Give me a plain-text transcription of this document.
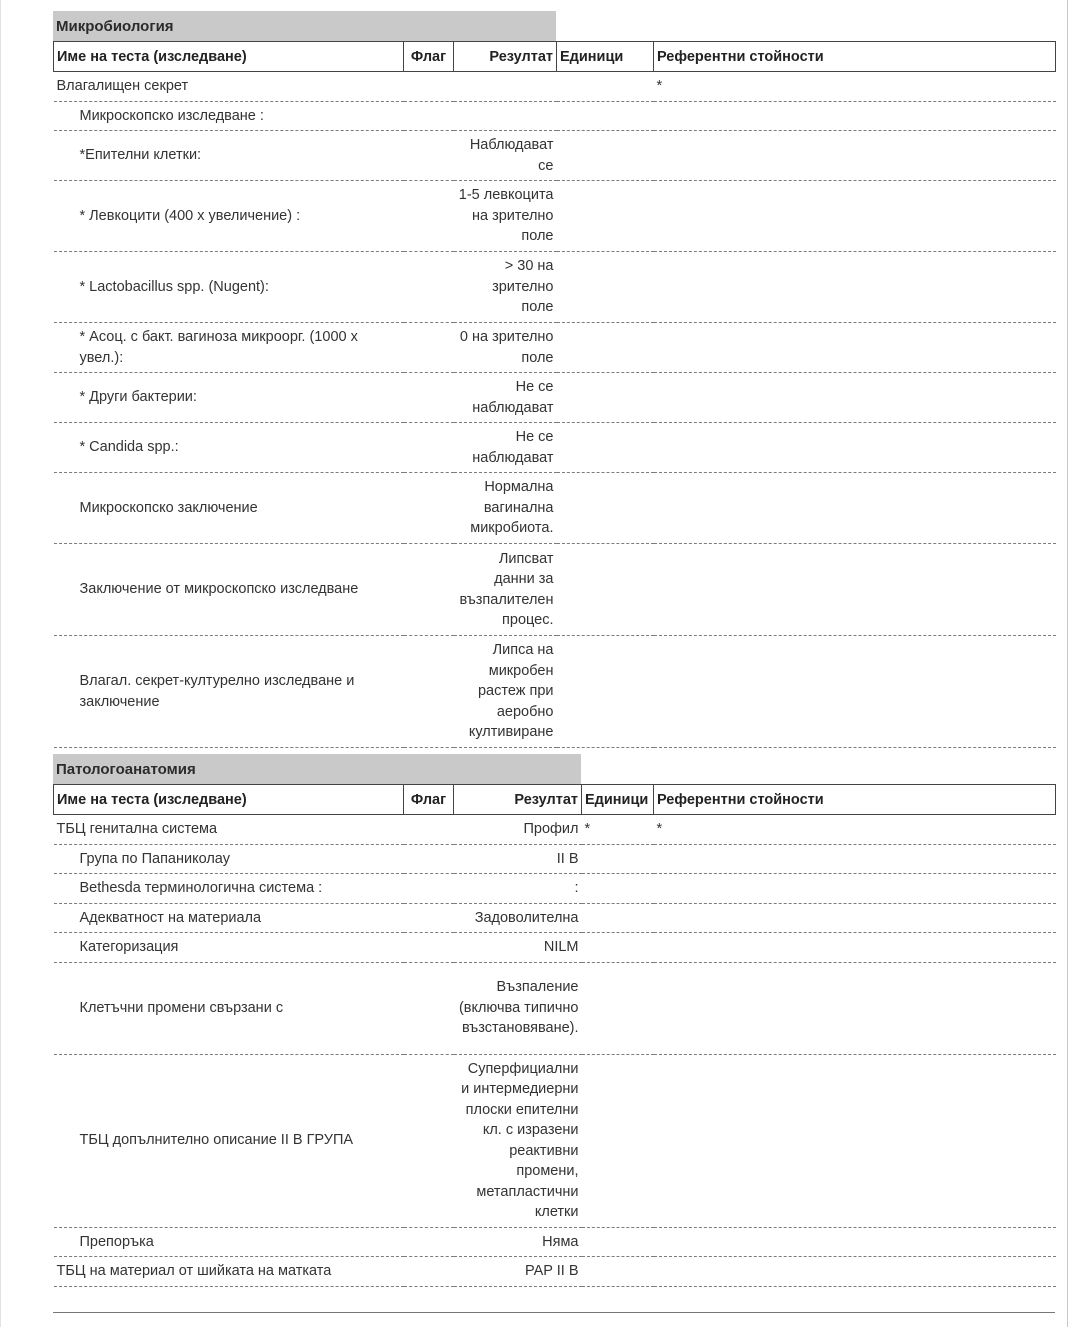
Микробиология
Име на теста (изследване)	Флаг	Резултат	Единици	Референтни стойности
Влагалищен секрет				*
Микроскопско изследване :				
*Епителни клетки:		Наблюдават се		
* Левкоцити (400 х увеличение) :		1-5 левкоцита на зрително поле		
* Lactobacillus spp. (Nugent):		> 30 на зрително поле		
* Асоц. с бакт. вагиноза микроорг. (1000 х увел.):		0 на зрително поле		
* Други бактерии:		Не се наблюдават		
* Candida spp.:		Не се наблюдават		
Микроскопско заключение		Нормална вагинална микробиота.		
Заключение от микроскопско изследване		Липсват данни за възпалителен процес.		
Влагал. секрет-културелно изследване и заключение		Липса на микробен растеж при аеробно култивиране		
Патологоанатомия
Име на теста (изследване)	Флаг	Резултат	Единици	Референтни стойности
ТБЦ генитална система		Профил	*	*
Група по Папаниколау		II B		
Bethesda терминологична система :		:		
Адекватност на материала		Задоволителна		
Категоризация		NILM		
Клетъчни промени свързани с		Възпаление (включва типично възстановяване).		
ТБЦ допълнително описание II B ГРУПА		Суперфициални и интермедиерни плоски епителни кл. с изразени реактивни промени, метапластични клетки		
Препоръка		Няма		
ТБЦ на материал от шийката на матката		PAP II B		
